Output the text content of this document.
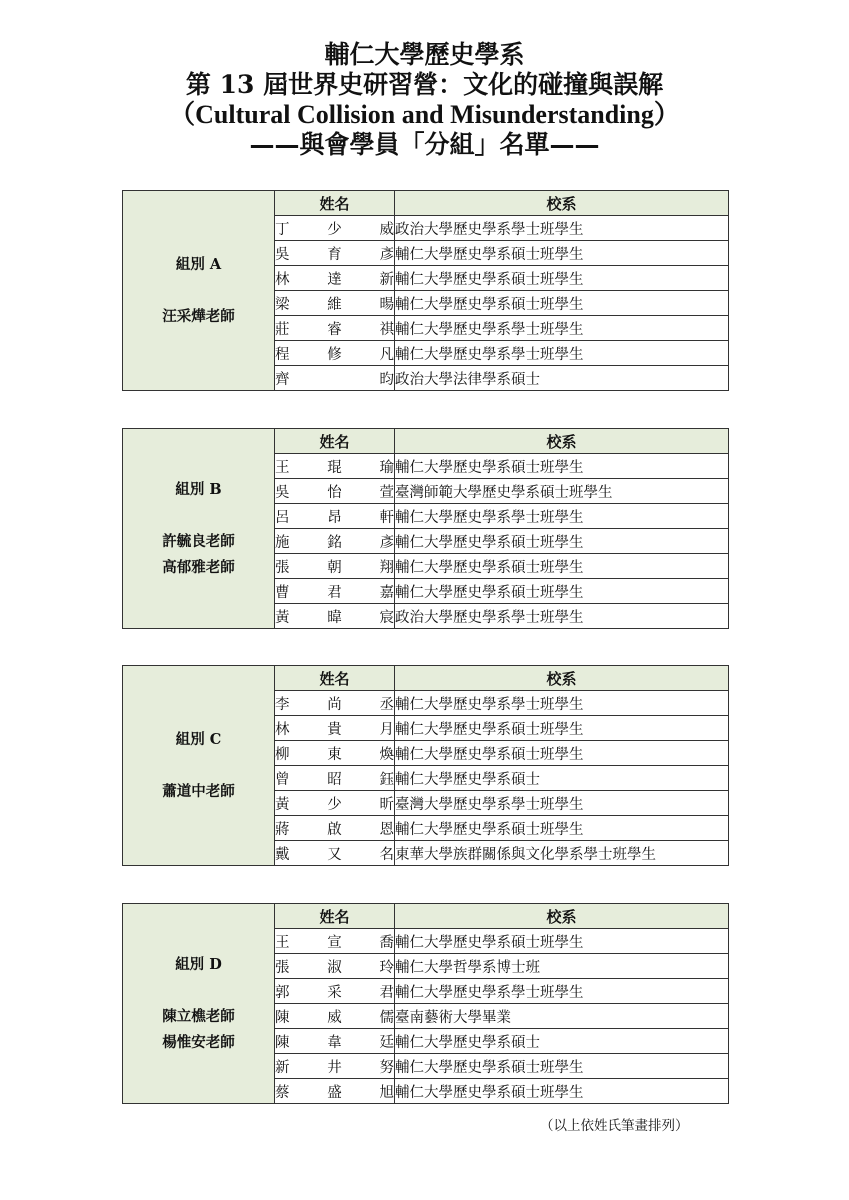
輔仁大學歷史學系
第 13 屆世界史研習營：文化的碰撞與誤解
（Cultural Collision and Misunderstanding）
——與會學員「分組」名單——
組別 A
汪采燁老師	姓名	校系

	丁 少 威	政治大學歷史學系學士班學生

	吳 育 彥	輔仁大學歷史學系碩士班學生

	林 達 新	輔仁大學歷史學系碩士班學生

	梁 維 暘	輔仁大學歷史學系碩士班學生

	莊 睿 祺	輔仁大學歷史學系學士班學生

	程 修 凡	輔仁大學歷史學系學士班學生

	齊 昀	政治大學法律學系碩士
組別 B
許毓良老師
高郁雅老師	姓名	校系

	王 琨 瑜	輔仁大學歷史學系碩士班學生

	吳 怡 萱	臺灣師範大學歷史學系碩士班學生

	呂 昂 軒	輔仁大學歷史學系學士班學生

	施 銘 彥	輔仁大學歷史學系碩士班學生

	張 朝 翔	輔仁大學歷史學系碩士班學生

	曹 君 嘉	輔仁大學歷史學系碩士班學生

	黃 暐 宸	政治大學歷史學系學士班學生
組別 C
蕭道中老師	姓名	校系

	李 尚 丞	輔仁大學歷史學系學士班學生

	林 貴 月	輔仁大學歷史學系碩士班學生

	柳 東 煥	輔仁大學歷史學系碩士班學生

	曾 昭 鈺	輔仁大學歷史學系碩士

	黃 少 昕	臺灣大學歷史學系學士班學生

	蔣 啟 恩	輔仁大學歷史學系碩士班學生

	戴 又 名	東華大學族群關係與文化學系學士班學生
組別 D
陳立樵老師
楊惟安老師	姓名	校系

	王 宣 喬	輔仁大學歷史學系碩士班學生

	張 淑 玲	輔仁大學哲學系博士班

	郭 采 君	輔仁大學歷史學系學士班學生

	陳 威 儒	臺南藝術大學畢業

	陳 韋 廷	輔仁大學歷史學系碩士

	新 井 努	輔仁大學歷史學系碩士班學生

	蔡 盛 旭	輔仁大學歷史學系碩士班學生
（以上依姓氏筆畫排列）
